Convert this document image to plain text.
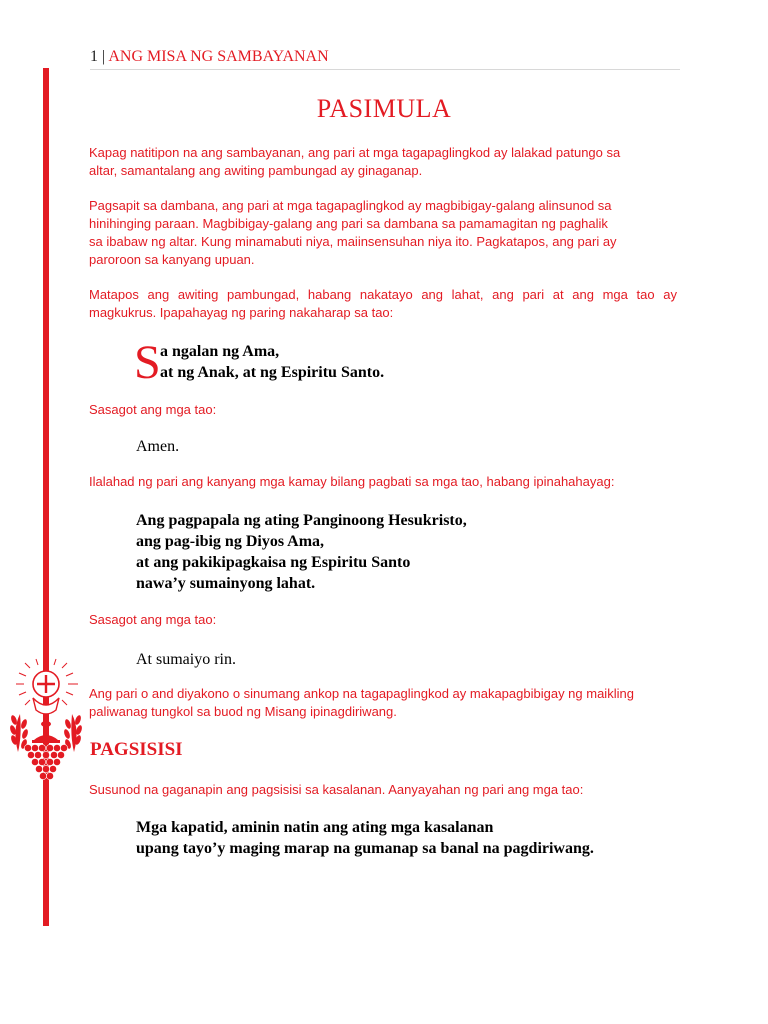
1 | ANG MISA NG SAMBAYANAN
PASIMULA
Kapag natitipon na ang sambayanan, ang pari at mga tagapaglingkod ay lalakad patungo sa
altar, samantalang ang awiting pambungad ay ginaganap.
Pagsapit sa dambana, ang pari at mga tagapaglingkod ay magbibigay-galang alinsunod sa
hinihinging paraan. Magbibigay-galang ang pari sa dambana sa pamamagitan ng paghalik
sa ibabaw ng altar. Kung minamabuti niya, maiinsensuhan niya ito. Pagkatapos, ang pari ay
paroroon sa kanyang upuan.
Matapos ang awiting pambungad, habang nakatayo ang lahat, ang pari at ang mga tao ay
magkukrus. Ipapahayag ng paring nakaharap sa tao:
S a ngalan ng Ama,
at ng Anak, at ng Espiritu Santo.
Sasagot ang mga tao:
Amen.
Ilalahad ng pari ang kanyang mga kamay bilang pagbati sa mga tao, habang ipinahahayag:
Ang pagpapala ng ating Panginoong Hesukristo,
ang pag-ibig ng Diyos Ama,
at ang pakikipagkaisa ng Espiritu Santo
nawa’y sumainyong lahat.
Sasagot ang mga tao:
At sumaiyo rin.
Ang pari o and diyakono o sinumang ankop na tagapaglingkod ay makapagbibigay ng maikling
paliwanag tungkol sa buod ng Misang ipinagdiriwang.
PAGSISISI
Susunod na gaganapin ang pagsisisi sa kasalanan. Aanyayahan ng pari ang mga tao:
Mga kapatid, aminin natin ang ating mga kasalanan
upang tayo’y maging marap na gumanap sa banal na pagdiriwang.
